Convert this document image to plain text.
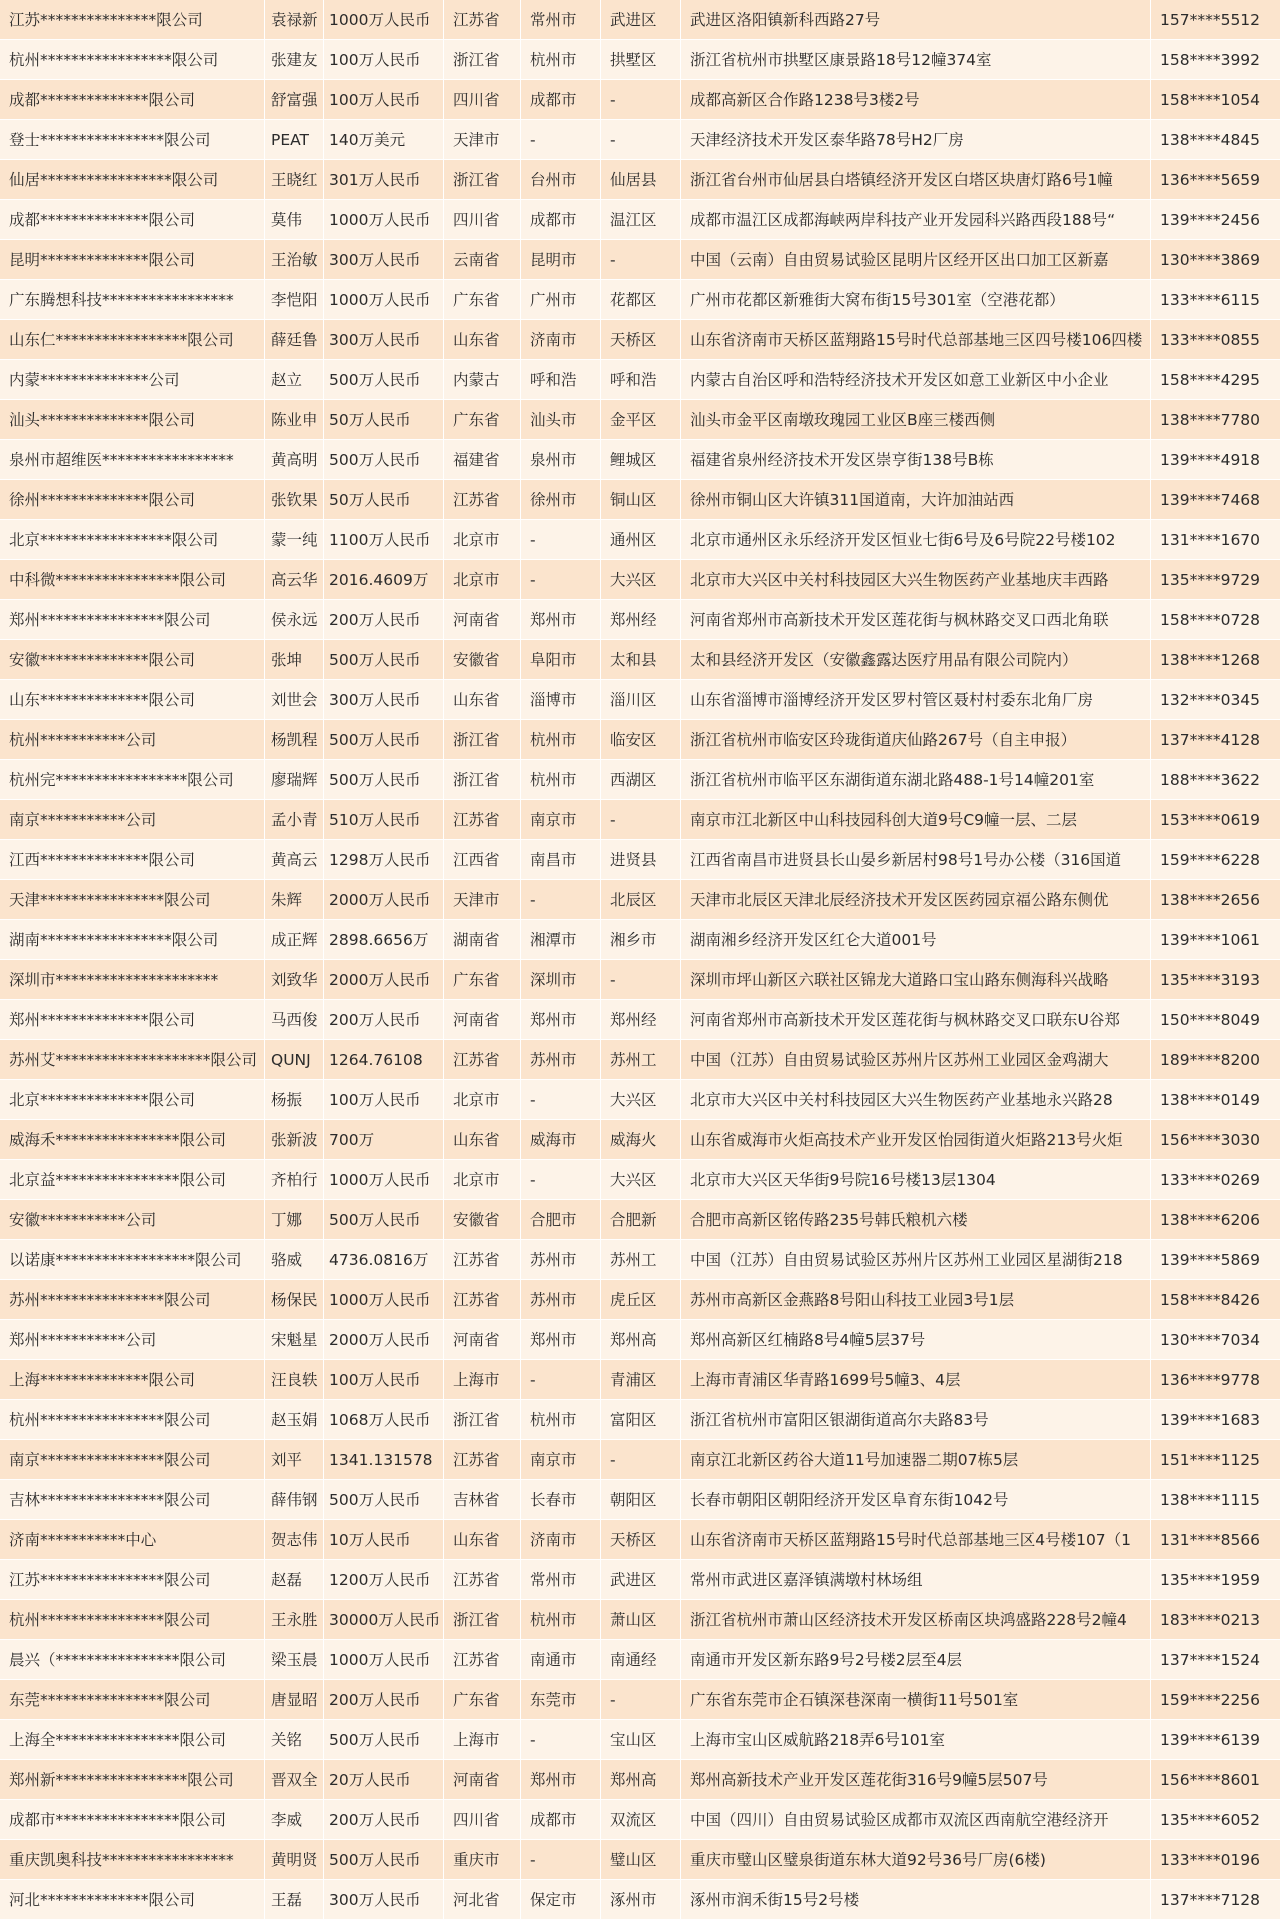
江苏***************限公司	袁禄新 1000万人民币	江苏省	常州市	武进区	武进区洛阳镇新科西路27号	157****5512
杭州*****************限公司	张建友 100万人民币	浙江省	杭州市	拱墅区	浙江省杭州市拱墅区康景路18号12幢374室	158****3992
成都**************限公司	舒富强 100万人民币	四川省	成都市	-	成都高新区合作路1238号3楼2号	158****1054
登士****************限公司	PEAT	140万美元	天津市	-	-	天津经济技术开发区泰华路78号H2厂房	138****4845
仙居*****************限公司	王晓红 301万人民币	浙江省	台州市	仙居县	浙江省台州市仙居县白塔镇经济开发区白塔区块唐灯路6号1幢	136****5659
成都**************限公司	莫伟	1000万人民币	四川省	成都市	温江区	成都市温江区成都海峡两岸科技产业开发园科兴路西段188号“	139****2456
昆明**************限公司	王治敏 300万人民币	云南省	昆明市	-	中国（云南）自由贸易试验区昆明片区经开区出口加工区新嘉	130****3869
广东腾想科技*****************	李恺阳 1000万人民币	广东省	广州市	花都区	广州市花都区新雅街大窝布街15号301室（空港花都）	133****6115
山东仁*****************限公司	薛廷鲁 300万人民币	山东省	济南市	天桥区	山东省济南市天桥区蓝翔路15号时代总部基地三区四号楼106四楼	133****0855
内蒙**************公司	赵立	500万人民币	内蒙古	呼和浩	呼和浩	内蒙古自治区呼和浩特经济技术开发区如意工业新区中小企业	158****4295
汕头**************限公司	陈业申 50万人民币	广东省	汕头市	金平区	汕头市金平区南墩玫瑰园工业区B座三楼西侧	138****7780
泉州市超维医*****************	黄高明 500万人民币	福建省	泉州市	鲤城区	福建省泉州经济技术开发区崇亨街138号B栋	139****4918
徐州**************限公司	张钦果 50万人民币	江苏省	徐州市	铜山区	徐州市铜山区大许镇311国道南，大许加油站西	139****7468
北京*****************限公司	蒙一纯 1100万人民币	北京市	-	通州区	北京市通州区永乐经济开发区恒业七街6号及6号院22号楼102	131****1670
中科微****************限公司	高云华 2016.4609万	北京市	-	大兴区	北京市大兴区中关村科技园区大兴生物医药产业基地庆丰西路	135****9729
郑州****************限公司	侯永远 200万人民币	河南省	郑州市	郑州经	河南省郑州市高新技术开发区莲花街与枫林路交叉口西北角联	158****0728
安徽**************限公司	张坤	500万人民币	安徽省	阜阳市	太和县	太和县经济开发区（安徽鑫露达医疗用品有限公司院内）	138****1268
山东**************限公司	刘世会 300万人民币	山东省	淄博市	淄川区	山东省淄博市淄博经济开发区罗村管区聂村村委东北角厂房	132****0345
杭州***********公司	杨凯程 500万人民币	浙江省	杭州市	临安区	浙江省杭州市临安区玲珑街道庆仙路267号（自主申报）	137****4128
杭州完*****************限公司	廖瑞辉 500万人民币	浙江省	杭州市	西湖区	浙江省杭州市临平区东湖街道东湖北路488-1号14幢201室	188****3622
南京***********公司	孟小青 510万人民币	江苏省	南京市	-	南京市江北新区中山科技园科创大道9号C9幢一层、二层	153****0619
江西**************限公司	黄高云 1298万人民币	江西省	南昌市	进贤县	江西省南昌市进贤县长山晏乡新居村98号1号办公楼（316国道	159****6228
天津****************限公司	朱辉	2000万人民币	天津市	-	北辰区	天津市北辰区天津北辰经济技术开发区医药园京福公路东侧优	138****2656
湖南*****************限公司	成正辉 2898.6656万	湖南省	湘潭市	湘乡市	湖南湘乡经济开发区红仑大道001号	139****1061
深圳市*********************	刘致华 2000万人民币	广东省	深圳市	-	深圳市坪山新区六联社区锦龙大道路口宝山路东侧海科兴战略	135****3193
郑州**************限公司	马西俊 200万人民币	河南省	郑州市	郑州经	河南省郑州市高新技术开发区莲花街与枫林路交叉口联东U谷郑	150****8049
苏州艾********************限公司 QUNJ	1264.76108	江苏省	苏州市	苏州工	中国（江苏）自由贸易试验区苏州片区苏州工业园区金鸡湖大	189****8200
北京**************限公司	杨振	100万人民币	北京市	-	大兴区	北京市大兴区中关村科技园区大兴生物医药产业基地永兴路28	138****0149
威海禾****************限公司	张新波 700万	山东省	威海市	威海火	山东省威海市火炬高技术产业开发区怡园街道火炬路213号火炬	156****3030
北京益****************限公司	齐柏行 1000万人民币	北京市	-	大兴区	北京市大兴区天华街9号院16号楼13层1304	133****0269
安徽***********公司	丁娜	500万人民币	安徽省	合肥市	合肥新	合肥市高新区铭传路235号韩氏粮机六楼	138****6206
以诺康******************限公司	骆威	4736.0816万	江苏省	苏州市	苏州工	中国（江苏）自由贸易试验区苏州片区苏州工业园区星湖街218	139****5869
苏州****************限公司	杨保民 1000万人民币	江苏省	苏州市	虎丘区	苏州市高新区金燕路8号阳山科技工业园3号1层	158****8426
郑州***********公司	宋魁星 2000万人民币	河南省	郑州市	郑州高	郑州高新区红楠路8号4幢5层37号	130****7034
上海**************限公司	汪良轶 100万人民币	上海市	-	青浦区	上海市青浦区华青路1699号5幢3、4层	136****9778
杭州****************限公司	赵玉娟 1068万人民币	浙江省	杭州市	富阳区	浙江省杭州市富阳区银湖街道高尔夫路83号	139****1683
南京****************限公司	刘平	1341.131578	江苏省	南京市	-	南京江北新区药谷大道11号加速器二期07栋5层	151****1125
吉林****************限公司	薛伟钢 500万人民币	吉林省	长春市	朝阳区	长春市朝阳区朝阳经济开发区阜育东街1042号	138****1115
济南***********中心	贺志伟 10万人民币	山东省	济南市	天桥区	山东省济南市天桥区蓝翔路15号时代总部基地三区4号楼107（1	131****8566
江苏****************限公司	赵磊	1200万人民币	江苏省	常州市	武进区	常州市武进区嘉泽镇满墩村林场组	135****1959
杭州****************限公司	王永胜 30000万人民币 浙江省	杭州市	萧山区	浙江省杭州市萧山区经济技术开发区桥南区块鸿盛路228号2幢4	183****0213
晨兴（****************限公司	梁玉晨 1000万人民币	江苏省	南通市	南通经	南通市开发区新东路9号2号楼2层至4层	137****1524
东莞****************限公司	唐显昭 200万人民币	广东省	东莞市	-	广东省东莞市企石镇深巷深南一横街11号501室	159****2256
上海全****************限公司	关铭	500万人民币	上海市	-	宝山区	上海市宝山区威航路218弄6号101室	139****6139
郑州新*****************限公司	晋双全 20万人民币	河南省	郑州市	郑州高	郑州高新技术产业开发区莲花街316号9幢5层507号	156****8601
成都市****************限公司	李威	200万人民币	四川省	成都市	双流区	中国（四川）自由贸易试验区成都市双流区西南航空港经济开	135****6052
重庆凯奥科技*****************	黄明贤 500万人民币	重庆市	-	璧山区	重庆市璧山区璧泉街道东林大道92号36号厂房(6楼)	133****0196
河北**************限公司	王磊	300万人民币	河北省	保定市	涿州市	涿州市润禾街15号2号楼	137****7128
